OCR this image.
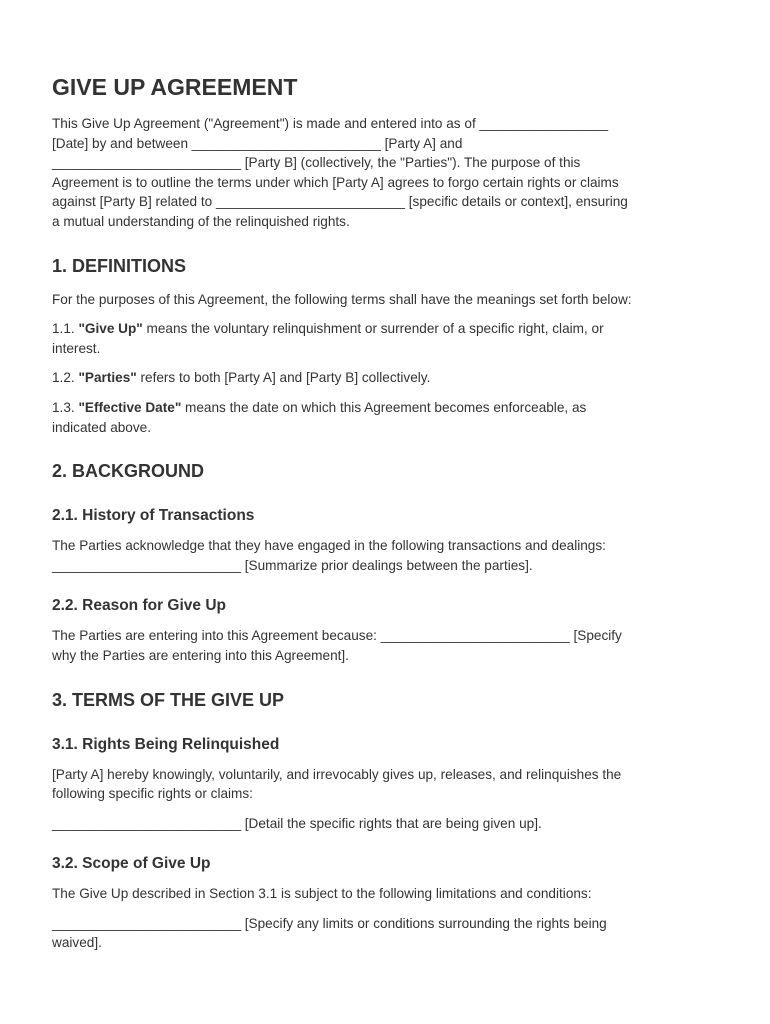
GIVE UP AGREEMENT
This Give Up Agreement ("Agreement") is made and entered into as of _________________
[Date] by and between _________________________ [Party A] and
_________________________ [Party B] (collectively, the "Parties"). The purpose of this
Agreement is to outline the terms under which [Party A] agrees to forgo certain rights or claims
against [Party B] related to _________________________ [specific details or context], ensuring
a mutual understanding of the relinquished rights.
1. DEFINITIONS
For the purposes of this Agreement, the following terms shall have the meanings set forth below:
1.1. "Give Up" means the voluntary relinquishment or surrender of a specific right, claim, or
interest.
1.2. "Parties" refers to both [Party A] and [Party B] collectively.
1.3. "Effective Date" means the date on which this Agreement becomes enforceable, as
indicated above.
2. BACKGROUND
2.1. History of Transactions
The Parties acknowledge that they have engaged in the following transactions and dealings:
_________________________ [Summarize prior dealings between the parties].
2.2. Reason for Give Up
The Parties are entering into this Agreement because: _________________________ [Specify
why the Parties are entering into this Agreement].
3. TERMS OF THE GIVE UP
3.1. Rights Being Relinquished
[Party A] hereby knowingly, voluntarily, and irrevocably gives up, releases, and relinquishes the
following specific rights or claims:
_________________________ [Detail the specific rights that are being given up].
3.2. Scope of Give Up
The Give Up described in Section 3.1 is subject to the following limitations and conditions:
_________________________ [Specify any limits or conditions surrounding the rights being
waived].
